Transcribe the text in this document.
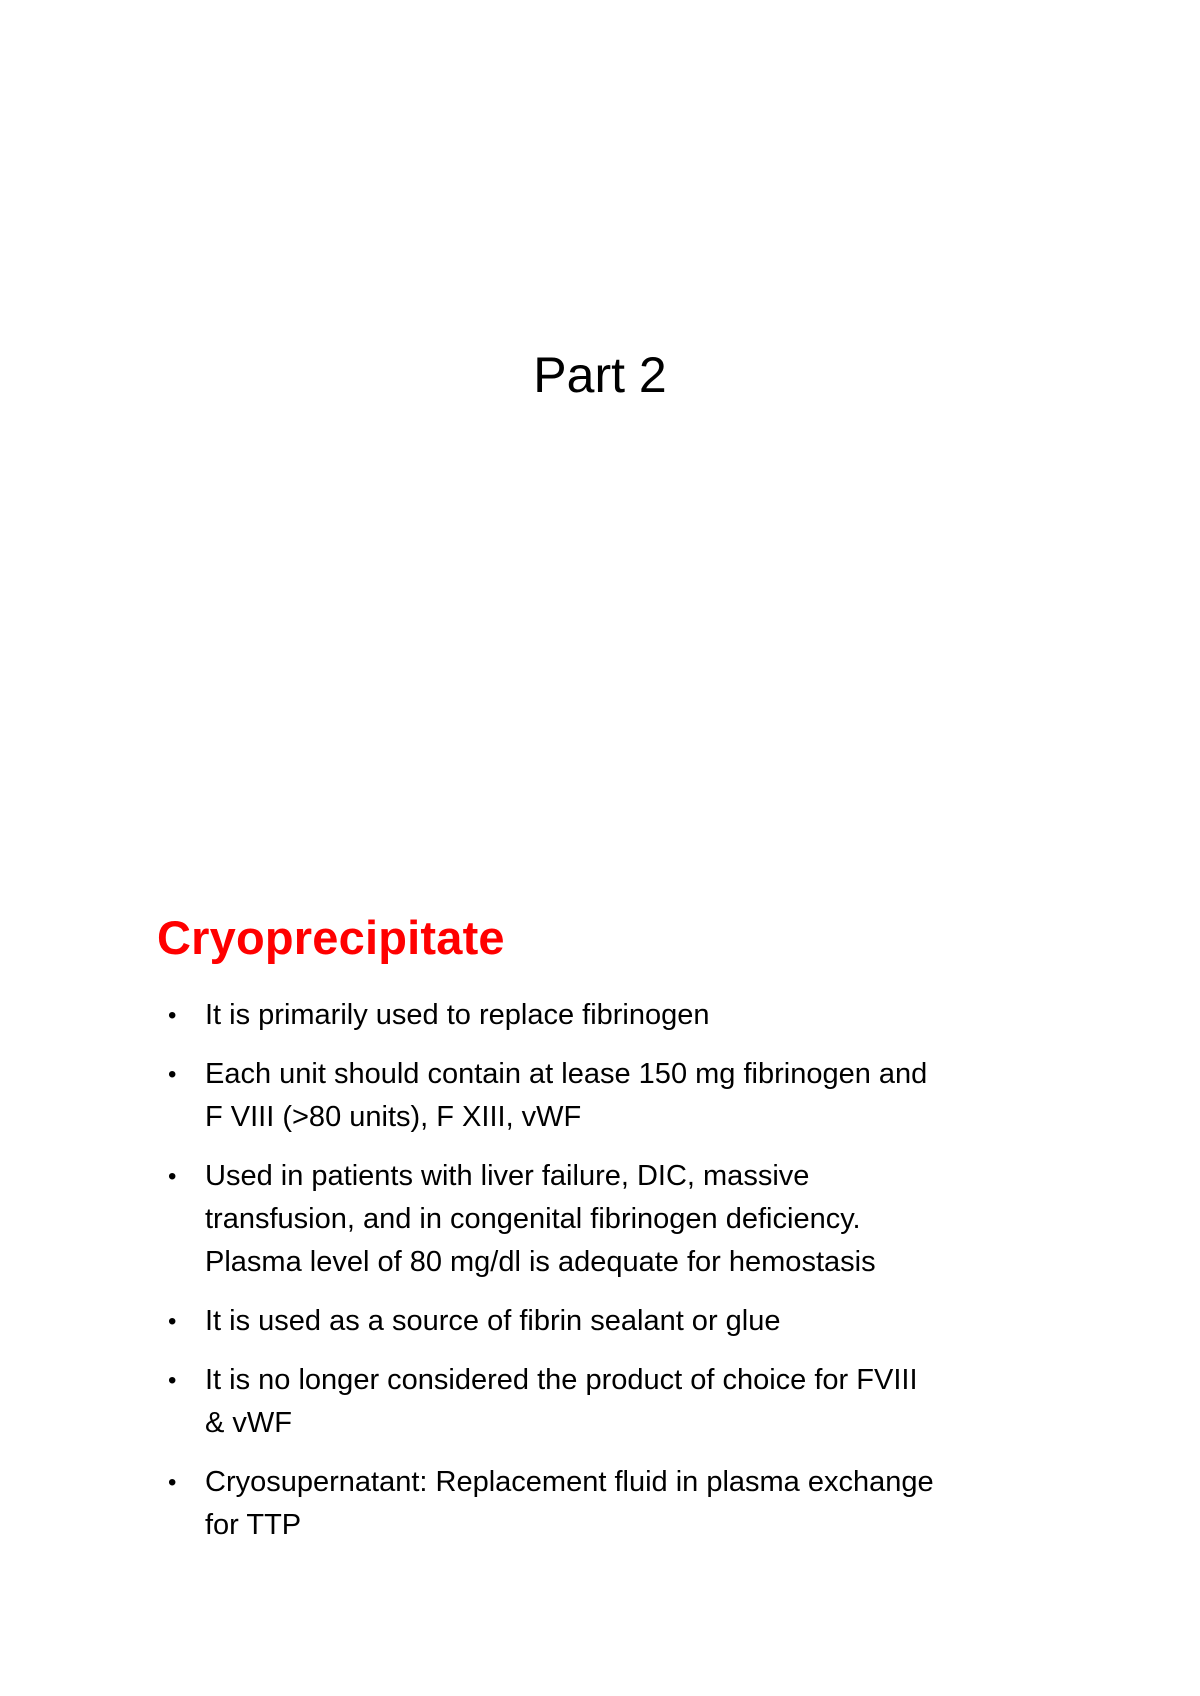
Part 2
Cryoprecipitate
• It is primarily used to replace fibrinogen
• Each unit should contain at lease 150 mg fibrinogen and
F VIII (>80 units), F XIII, vWF
• Used in patients with liver failure, DIC, massive
transfusion, and in congenital fibrinogen deficiency.
Plasma level of 80 mg/dl is adequate for hemostasis
• It is used as a source of fibrin sealant or glue
• It is no longer considered the product of choice for FVIII
& vWF
• Cryosupernatant: Replacement fluid in plasma exchange
for TTP
